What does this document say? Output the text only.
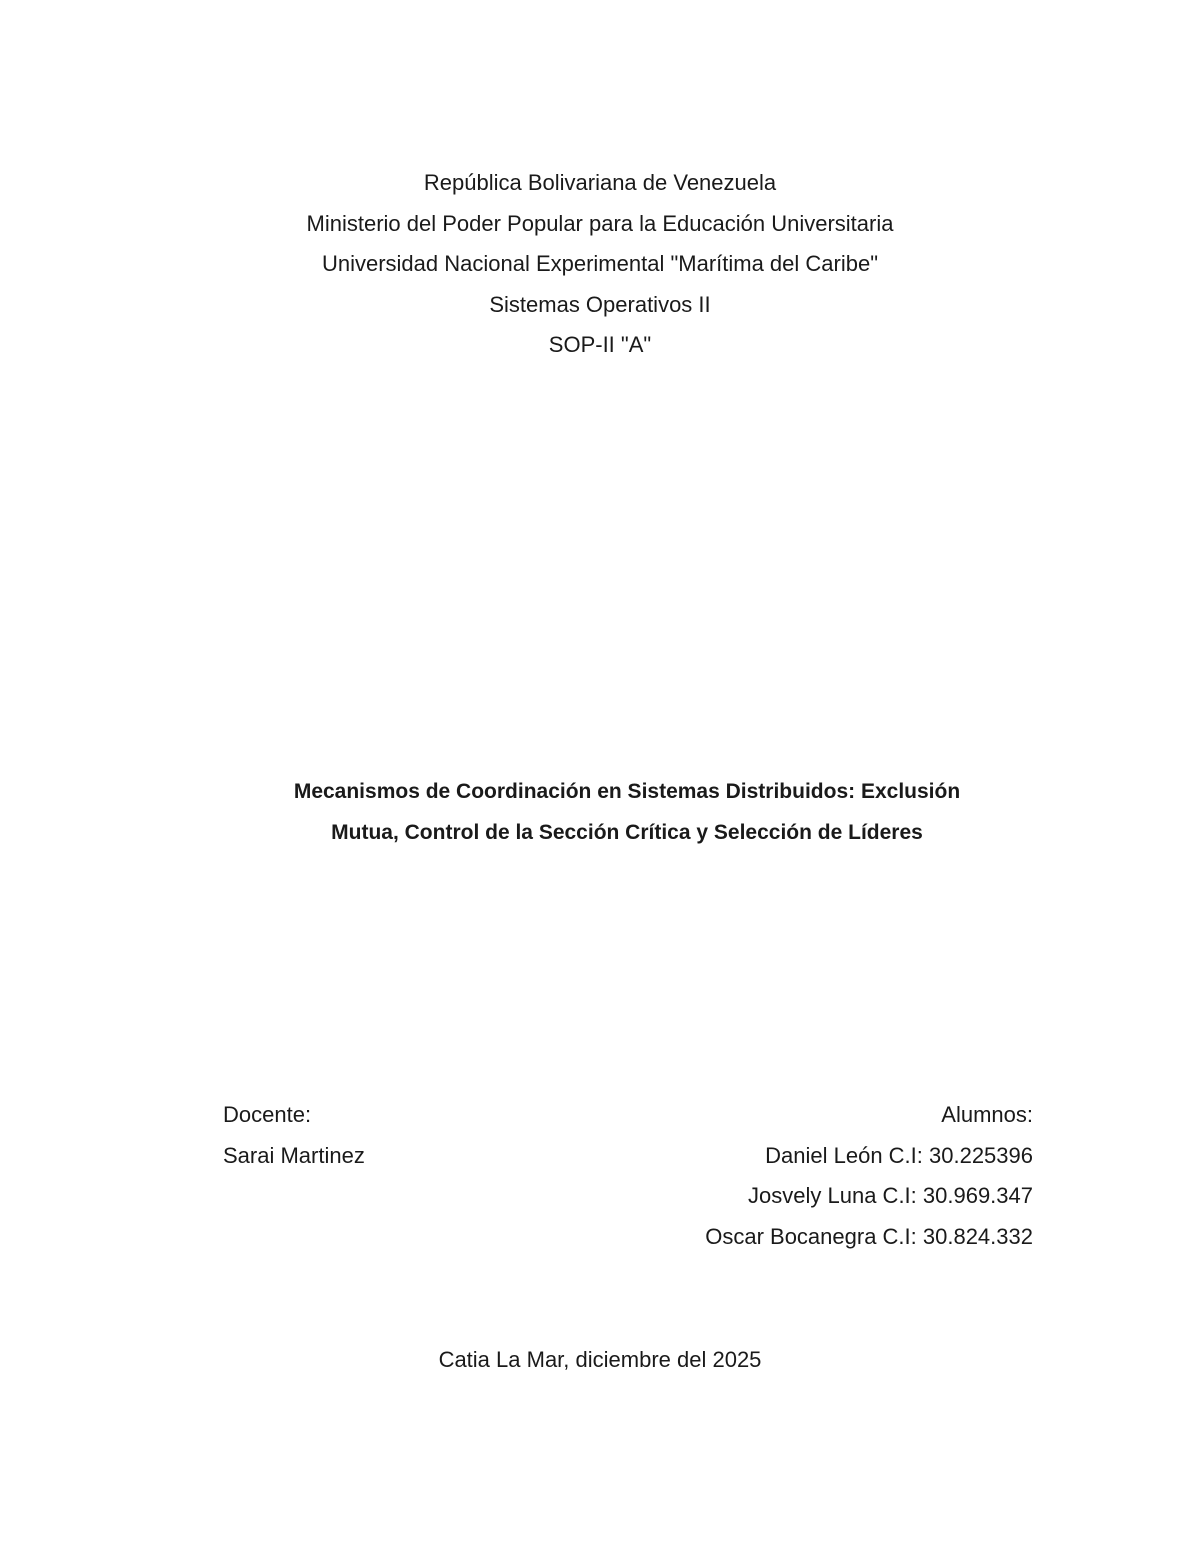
República Bolivariana de Venezuela
Ministerio del Poder Popular para la Educación Universitaria
Universidad Nacional Experimental "Marítima del Caribe"
Sistemas Operativos II
SOP-II "A"
Mecanismos de Coordinación en Sistemas Distribuidos: Exclusión
Mutua, Control de la Sección Crítica y Selección de Líderes
Docente:
Sarai Martinez
Alumnos:
Daniel León C.I: 30.225396
Josvely Luna C.I: 30.969.347
Oscar Bocanegra C.I: 30.824.332
Catia La Mar, diciembre del 2025
